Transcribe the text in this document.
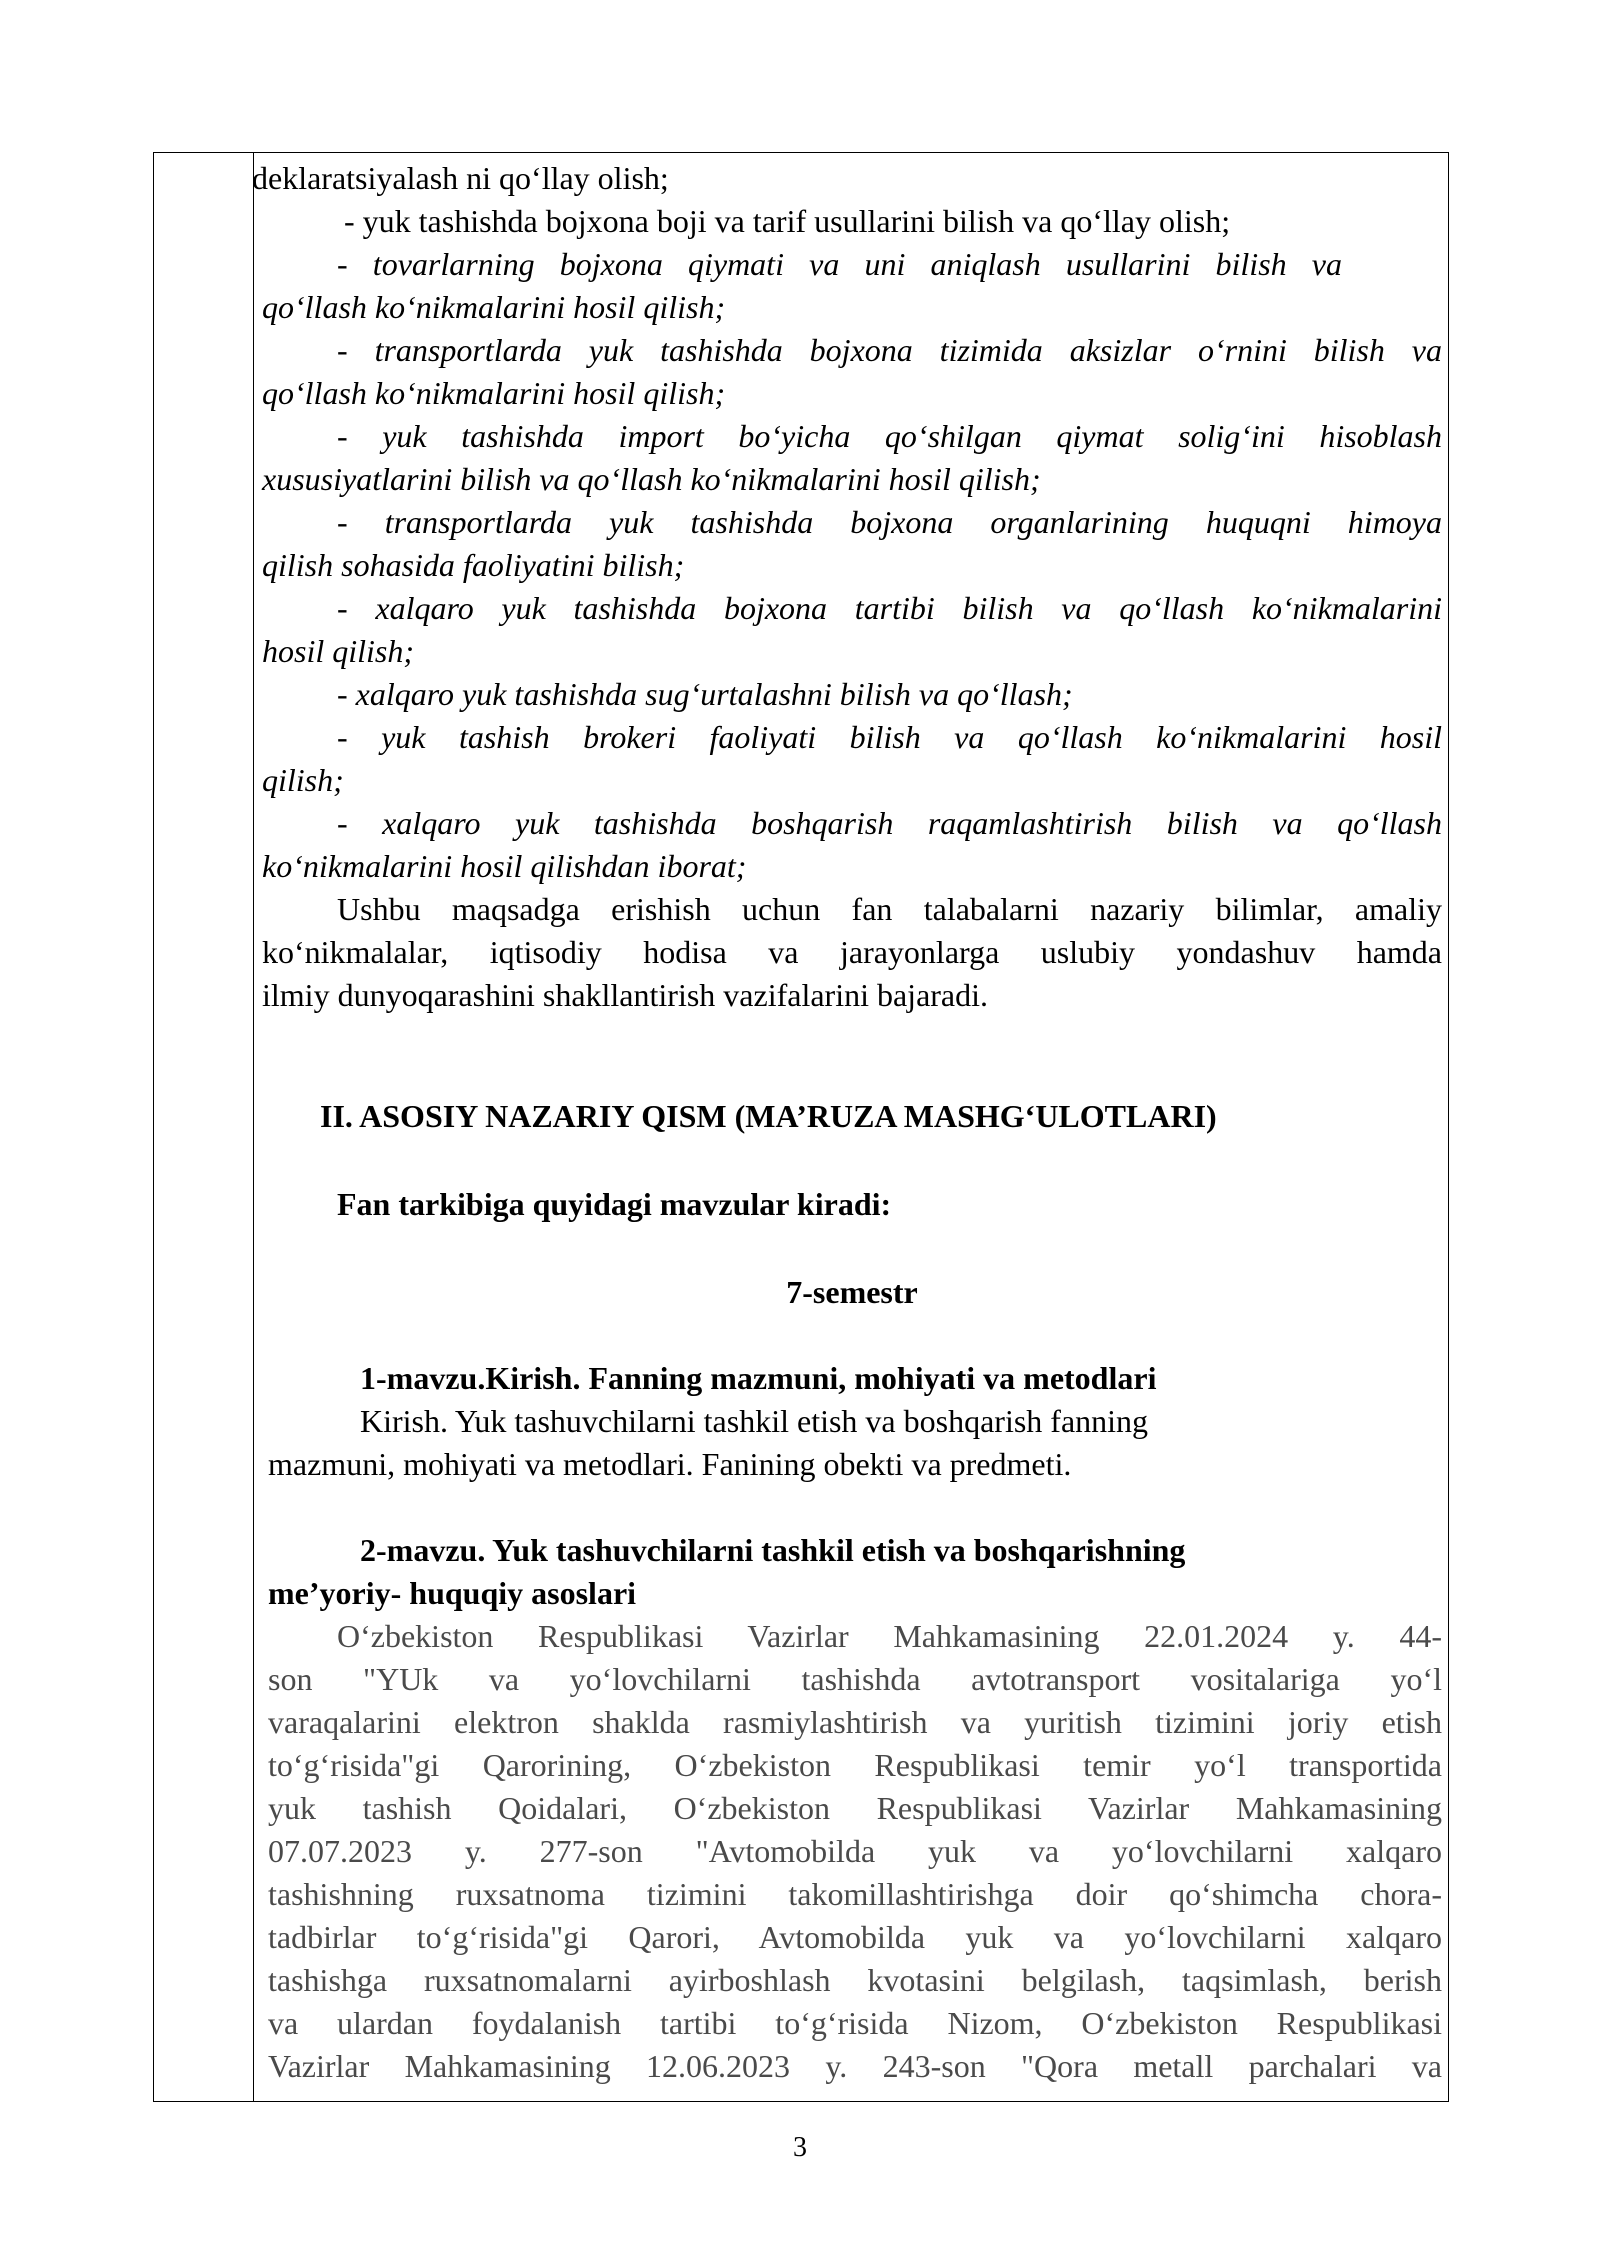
deklaratsiyalash ni qo‘llay olish;
- yuk tashishda bojxona boji va tarif usullarini bilish va qo‘llay olish;
- tovarlarning bojxona qiymati va uni aniqlash usullarini bilish va
qo‘llash ko‘nikmalarini hosil qilish;
- transportlarda yuk tashishda bojxona tizimida aksizlar o‘rnini bilish va
qo‘llash ko‘nikmalarini hosil qilish;
- yuk tashishda import bo‘yicha qo‘shilgan qiymat solig‘ini hisoblash
xususiyatlarini bilish va qo‘llash ko‘nikmalarini hosil qilish;
- transportlarda yuk tashishda bojxona organlarining huquqni himoya
qilish sohasida faoliyatini bilish;
- xalqaro yuk tashishda bojxona tartibi bilish va qo‘llash ko‘nikmalarini
hosil qilish;
- xalqaro yuk tashishda sug‘urtalashni bilish va qo‘llash;
- yuk tashish brokeri faoliyati bilish va qo‘llash ko‘nikmalarini hosil
qilish;
- xalqaro yuk tashishda boshqarish raqamlashtirish bilish va qo‘llash
ko‘nikmalarini hosil qilishdan iborat;
Ushbu maqsadga erishish uchun fan talabalarni nazariy bilimlar, amaliy
ko‘nikmalalar, iqtisodiy hodisa va jarayonlarga uslubiy yondashuv hamda
ilmiy dunyoqarashini shakllantirish vazifalarini bajaradi.
II. ASOSIY NAZARIY QISM (MA’RUZA MASHG‘ULOTLARI)
Fan tarkibiga quyidagi mavzular kiradi:
7-semestr
1-mavzu.Kirish. Fanning mazmuni, mohiyati va metodlari
Kirish. Yuk tashuvchilarni tashkil etish va boshqarish fanning
mazmuni, mohiyati va metodlari. Fanining obekti va predmeti.
2-mavzu. Yuk tashuvchilarni tashkil etish va boshqarishning
me’yoriy- huquqiy asoslari
O‘zbekiston Respublikasi Vazirlar Mahkamasining 22.01.2024 y. 44-
son "YUk va yo‘lovchilarni tashishda avtotransport vositalariga yo‘l
varaqalarini elektron shaklda rasmiylashtirish va yuritish tizimini joriy etish
to‘g‘risida"gi Qarorining, O‘zbekiston Respublikasi temir yo‘l transportida
yuk tashish Qoidalari, O‘zbekiston Respublikasi Vazirlar Mahkamasining
07.07.2023 y. 277-son "Avtomobilda yuk va yo‘lovchilarni xalqaro
tashishning ruxsatnoma tizimini takomillashtirishga doir qo‘shimcha chora-
tadbirlar to‘g‘risida"gi Qarori, Avtomobilda yuk va yo‘lovchilarni xalqaro
tashishga ruxsatnomalarni ayirboshlash kvotasini belgilash, taqsimlash, berish
va ulardan foydalanish tartibi to‘g‘risida Nizom, O‘zbekiston Respublikasi
Vazirlar Mahkamasining 12.06.2023 y. 243-son "Qora metall parchalari va
3
